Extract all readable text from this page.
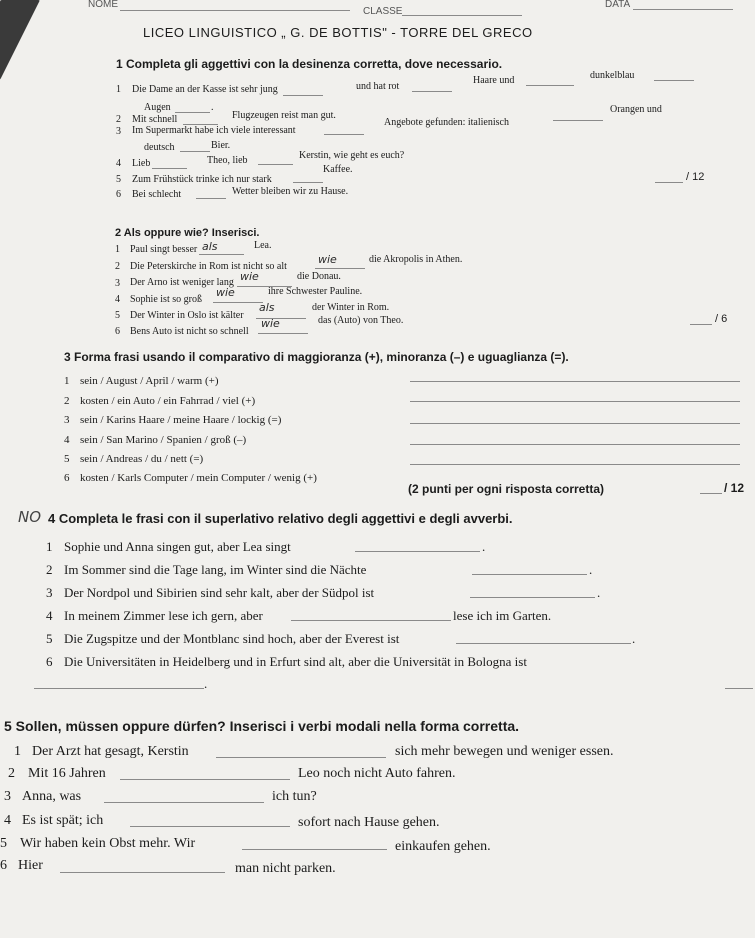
NOME
CLASSE
DATA
LICEO LINGUISTICO „ G. DE BOTTIS" - TORRE DEL GRECO
1 Completa gli aggettivi con la desinenza corretta, dove necessario.
1 Die Dame an der Kasse ist sehr jung	und hat rot
Haare und	dunkelblau
Augen	.
2 Mit schnell	Flugzeugen reist man gut.
3 Im Supermarkt habe ich viele interessant
Angebote gefunden: italienisch
Orangen und
deutsch	Bier.
4 Lieb	Theo, lieb	Kerstin, wie geht es euch?
5 Zum Frühstück trinke ich nur stark
Kaffee.
6 Bei schlecht	Wetter bleiben wir zu Hause.
/ 12
2 Als oppure wie? Inserisci.
1 Paul singt besser als	Lea.
2 Die Peterskirche in Rom ist nicht so alt
wie	die Akropolis in Athen.
3 Der Arno ist weniger lang wie	die Donau.
4 Sophie ist so groß
wie	ihre Schwester Pauline.
5 Der Winter in Oslo ist kälter
als	der Winter in Rom.
6 Bens Auto ist nicht so schnell
wie	das (Auto) von Theo.	/ 6
3 Forma frasi usando il comparativo di maggioranza (+), minoranza (–) e uguaglianza (=).
1 sein / August / April / warm (+)
2 kosten / ein Auto / ein Fahrrad / viel (+)
3 sein / Karins Haare / meine Haare / lockig (=)
4 sein / San Marino / Spanien / groß (–)
5 sein / Andreas / du / nett (=)
6 kosten / Karls Computer / mein Computer / wenig (+)
(2 punti per ogni risposta corretta)	/ 12
NO 4 Completa le frasi con il superlativo relativo degli aggettivi e degli avverbi.
1 Sophie und Anna singen gut, aber Lea singt	.
2 Im Sommer sind die Tage lang, im Winter sind die Nächte	.
3 Der Nordpol und Sibirien sind sehr kalt, aber der Südpol ist	.
4 In meinem Zimmer lese ich gern, aber	lese ich im Garten.
5 Die Zugspitze und der Montblanc sind hoch, aber der Everest ist	.
6 Die Universitäten in Heidelberg und in Erfurt sind alt, aber die Universität in Bologna ist
.
5 Sollen, müssen oppure dürfen? Inserisci i verbi modali nella forma corretta.
1 Der Arzt hat gesagt, Kerstin	sich mehr bewegen und weniger essen.
2 Mit 16 Jahren	Leo noch nicht Auto fahren.
3 Anna, was	ich tun?
4 Es ist spät; ich	sofort nach Hause gehen.
5 Wir haben kein Obst mehr. Wir	einkaufen gehen.
6 Hier	man nicht parken.
